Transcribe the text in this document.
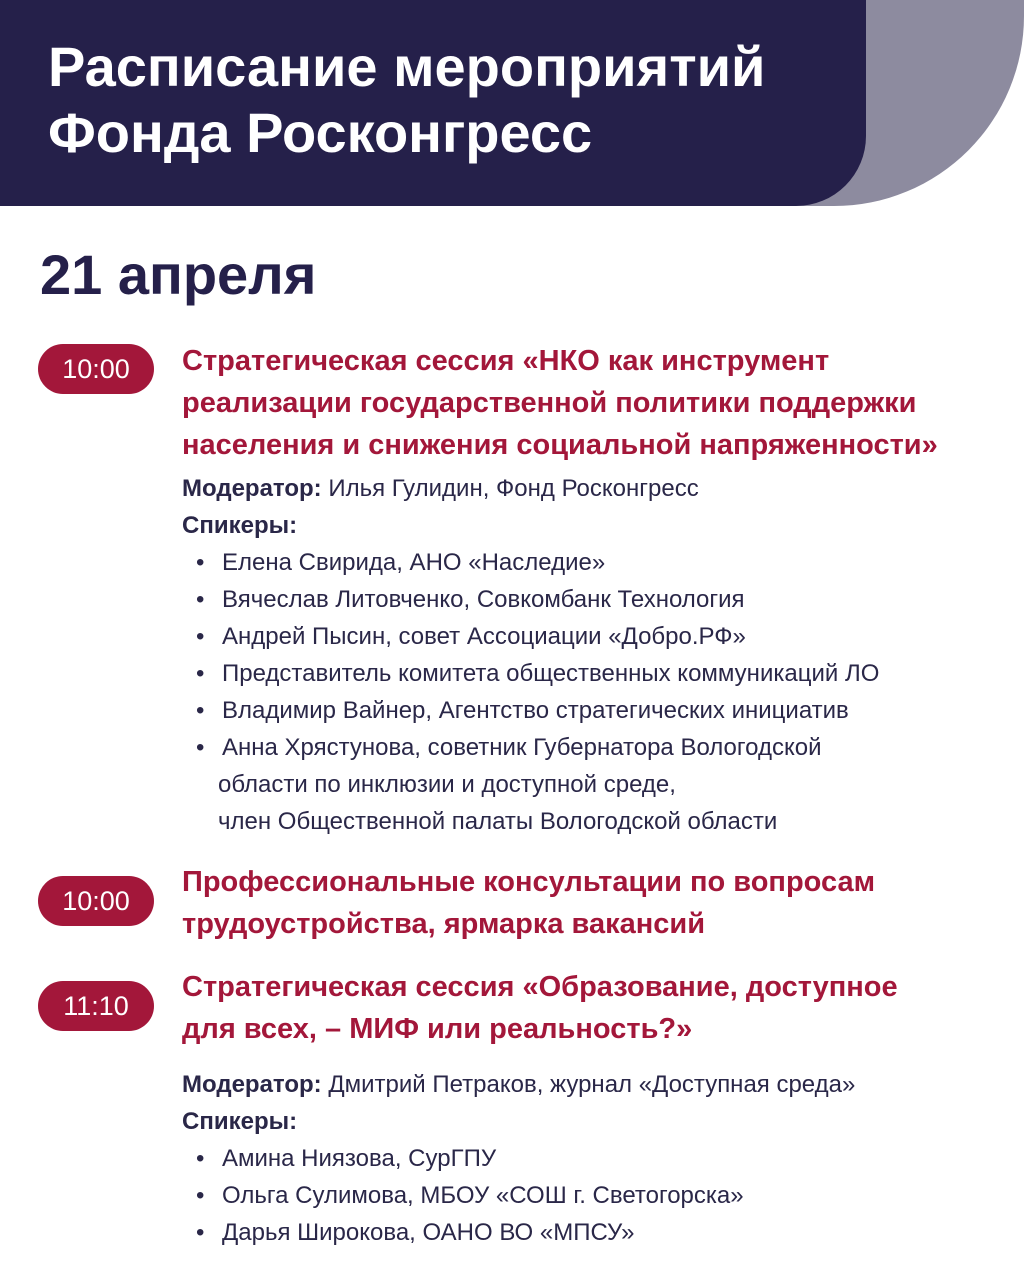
Расписание мероприятий
Фонда Росконгресс
21 апреля
10:00	Стратегическая сессия «НКО как инструмент
реализации государственной политики поддержки
населения и снижения социальной напряженности»

Модератор: Илья Гулидин, Фонд Росконгресс

Спикеры:

• Елена Свирида, АНО «Наследие»
• Вячеслав Литовченко, Совкомбанк Технология
• Андрей Пысин, совет Ассоциации «Добро.РФ»
• Представитель комитета общественных коммуникаций ЛО
• Владимир Вайнер, Агентство стратегических инициатив
• Анна Хрястунова, советник Губернатора Вологодской
области по инклюзии и доступной среде,
член Общественной палаты Вологодской области
10:00
Профессиональные консультации по вопросам
трудоустройства, ярмарка вакансий
11:10
Стратегическая сессия «Образование, доступное
для всех, – МИФ или реальность?»

Модератор: Дмитрий Петраков, журнал «Доступная среда»

Спикеры:

• Амина Ниязова, СурГПУ
• Ольга Сулимова, МБОУ «СОШ г. Светогорска»
• Дарья Широкова, ОАНО ВО «МПСУ»
